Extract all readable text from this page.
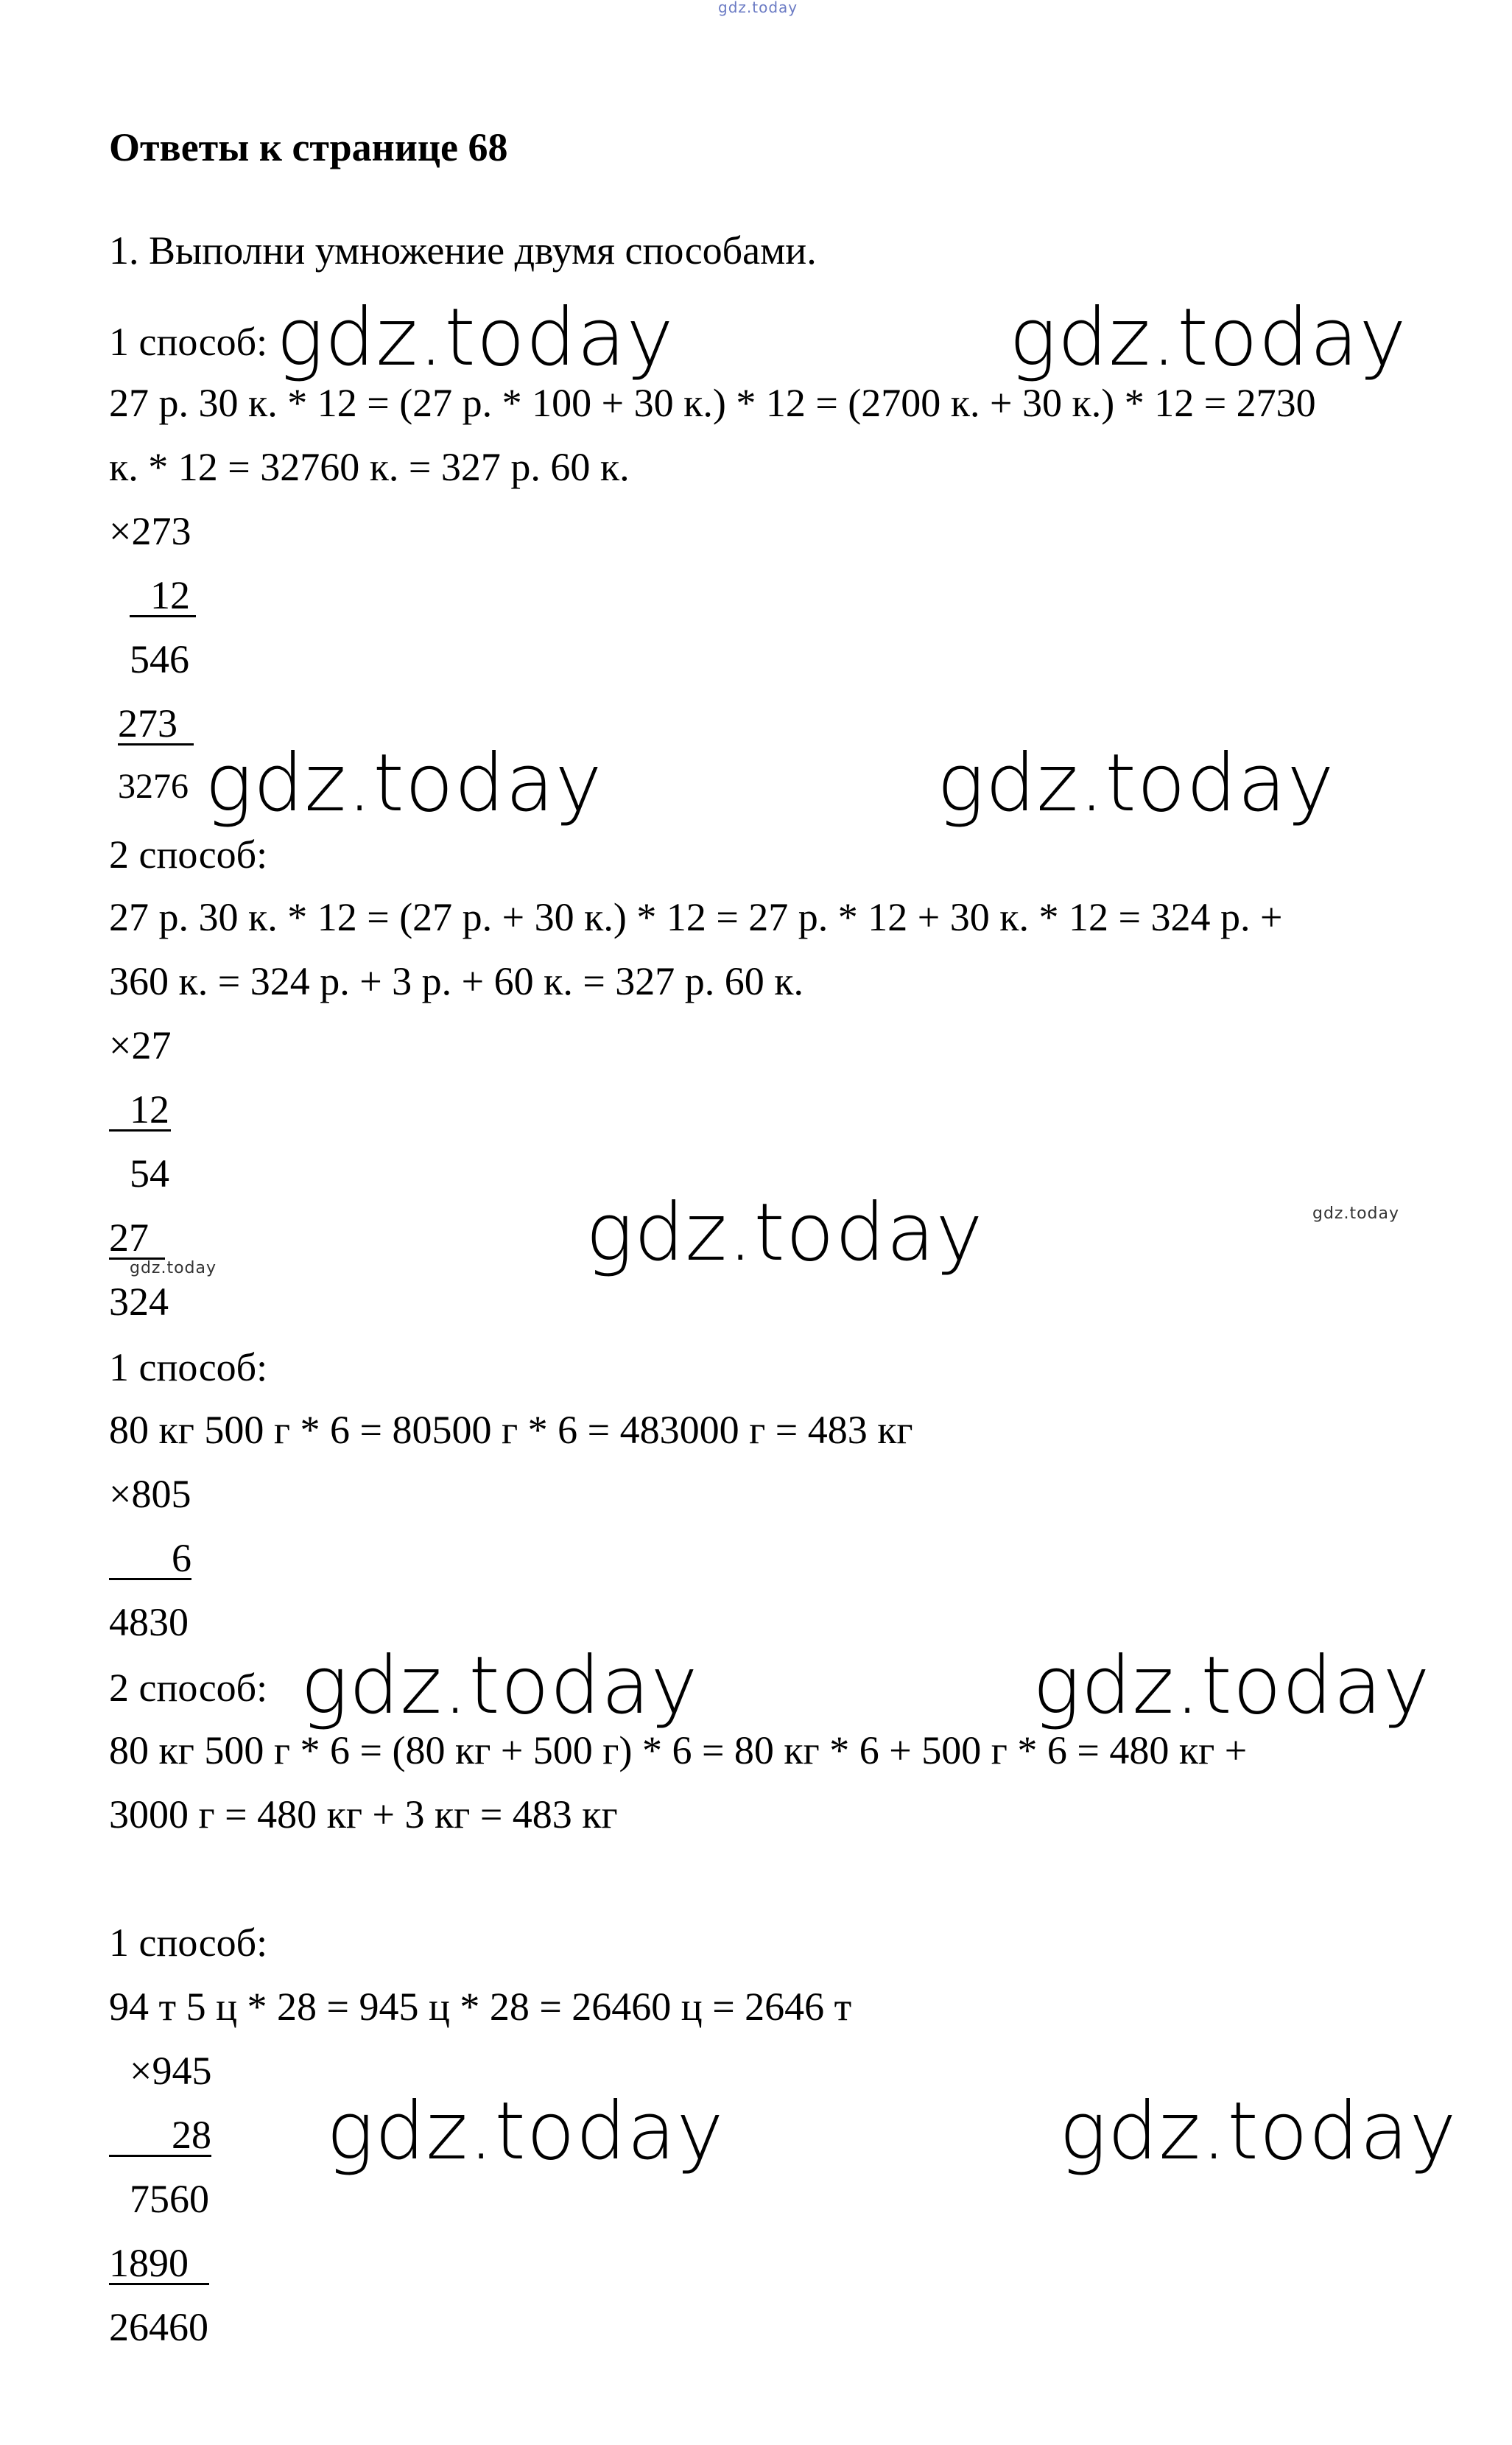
gdz.today
Ответы к странице 68
1. Выполни умножение двумя способами.
1 способ:
27 р. 30 к. * 12 = (27 р. * 100 + 30 к.) * 12 = (2700 к. + 30 к.) * 12 = 2730
к. * 12 = 32760 к. = 327 р. 60 к.
×273
12
546
273
3276
2 способ:
27 р. 30 к. * 12 = (27 р. + 30 к.) * 12 = 27 р. * 12 + 30 к. * 12 = 324 р. +
360 к. = 324 р. + 3 р. + 60 к. = 327 р. 60 к.
×27
12
54
27
324
1 способ:
80 кг 500 г * 6 = 80500 г * 6 = 483000 г = 483 кг
×805
6
4830
2 способ:
80 кг 500 г * 6 = (80 кг + 500 г) * 6 = 80 кг * 6 + 500 г * 6 = 480 кг +
3000 г = 480 кг + 3 кг = 483 кг
1 способ:
94 т 5 ц * 28 = 945 ц * 28 = 26460 ц = 2646 т
×945
28
7560
1890
26460
gdz.today	gdz.today
gdz.today	gdz.today
gdz.today
gdz.today	gdz.today
gdz.today	gdz.today
gdz.today
gdz.today
